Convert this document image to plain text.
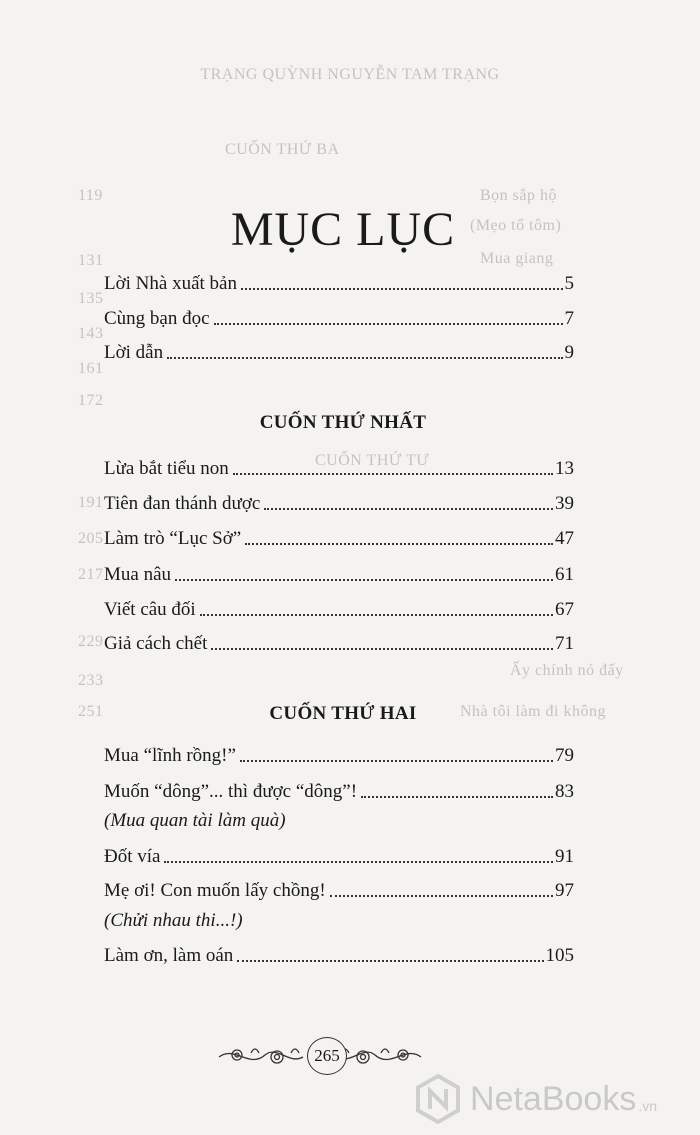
TRẠNG QUỲNH NGUYỄN TAM TRẠNG
CUỐN THỨ BA
Bọn sắp hộ
(Mẹo tổ tôm)
Mua giang
CUỐN THỨ TƯ
Ấy chính nó đấy
Nhà tôi làm đi không
119
131
135
143
161
172
191
205
217
229
233
251
MỤC LỤC
Lời Nhà xuất bản	5
Cùng bạn đọc	7
Lời dẫn	9
CUỐN THỨ NHẤT
Lừa bắt tiểu non	13
Tiên đan thánh dược	39
Làm trò “Lục Sở”	47
Mua nâu	61
Viết câu đối	67
Giả cách chết	71
CUỐN THỨ HAI
Mua “lĩnh rồng!”	79
Muốn “dông”... thì được “dông”!	83
(Mua quan tài làm quà)
Đốt vía	91
Mẹ ơi! Con muốn lấy chồng!	97
(Chửi nhau thi...!)
Làm ơn, làm oán	105
265
NetaBooks .vn
